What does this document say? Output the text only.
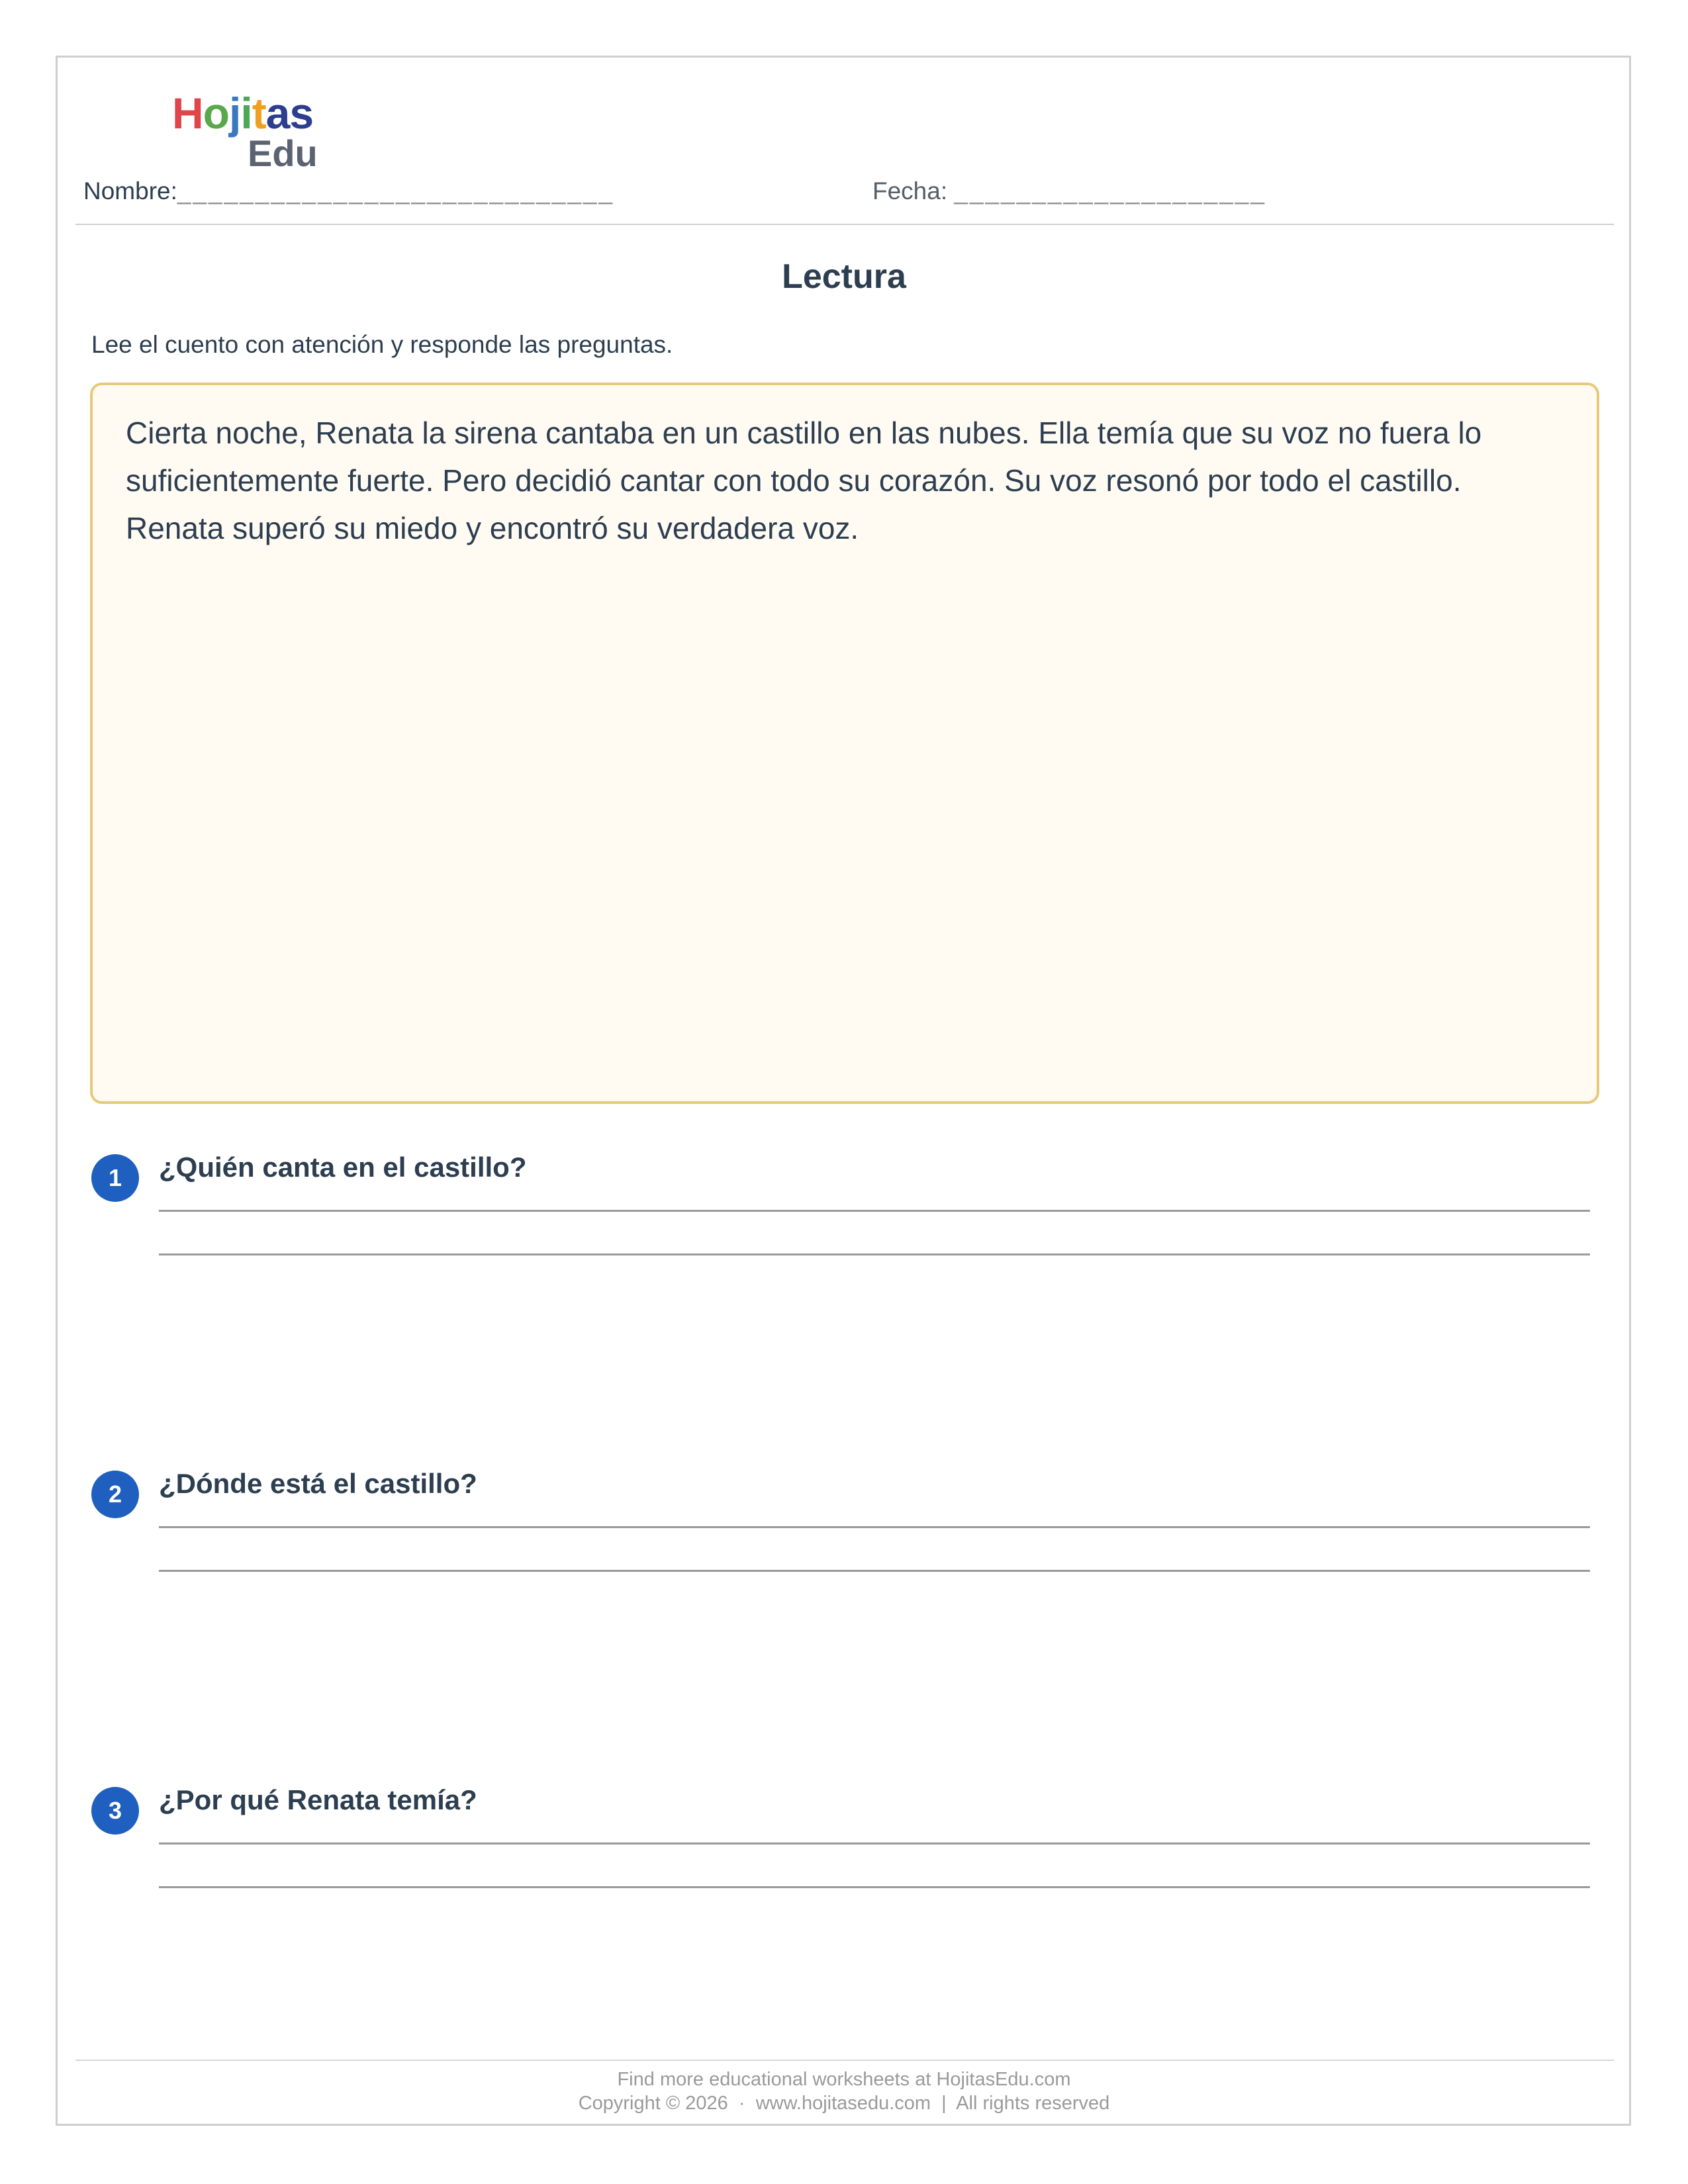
Hojitas
Edu
Nombre:____________________________	Fecha: ____________________
Lectura
Lee el cuento con atención y responde las preguntas.

Cierta noche, Renata la sirena cantaba en un castillo en las nubes. Ella temía que su voz no fuera lo suficientemente fuerte. Pero decidió cantar con todo su corazón. Su voz resonó por todo el castillo. Renata superó su miedo y encontró su verdadera voz.

1	¿Quién canta en el castillo?
2	¿Dónde está el castillo?
3	¿Por qué Renata temía?
Find more educational worksheets at HojitasEdu.com
Copyright © 2026  ·  www.hojitasedu.com  |  All rights reserved
